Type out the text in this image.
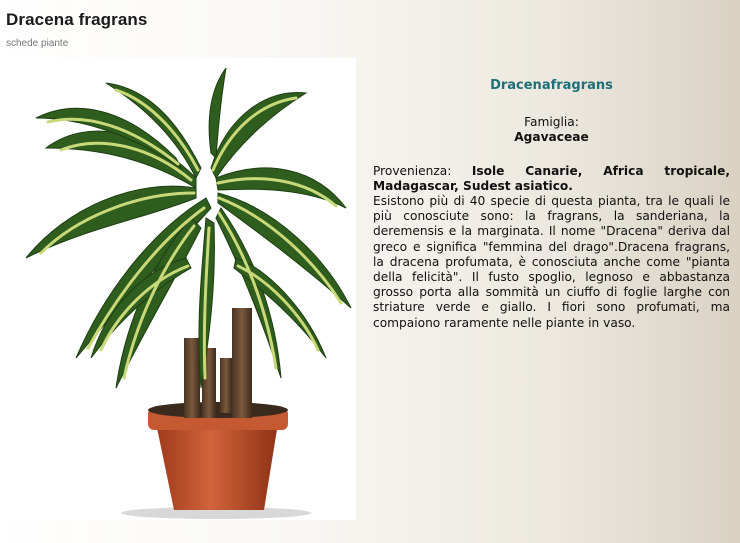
Dracena fragrans
schede piante
Dracenafragrans
Famiglia:
Agavaceae
Provenienza: Isole Canarie, Africa tropicale, Madagascar, Sudest asiatico.

Esistono più di 40 specie di questa pianta, tra le quali le più conosciute sono: la fragrans, la sanderiana, la deremensis e la marginata. Il nome "Dracena" deriva dal greco e significa "femmina del drago".Dracena fragrans, la dracena profumata, è conosciuta anche come "pianta della felicità". Il fusto spoglio, legnoso e abbastanza grosso porta alla sommità un ciuffo di foglie larghe con striature verde e giallo. I fiori sono profumati, ma compaiono raramente nelle piante in vaso.
